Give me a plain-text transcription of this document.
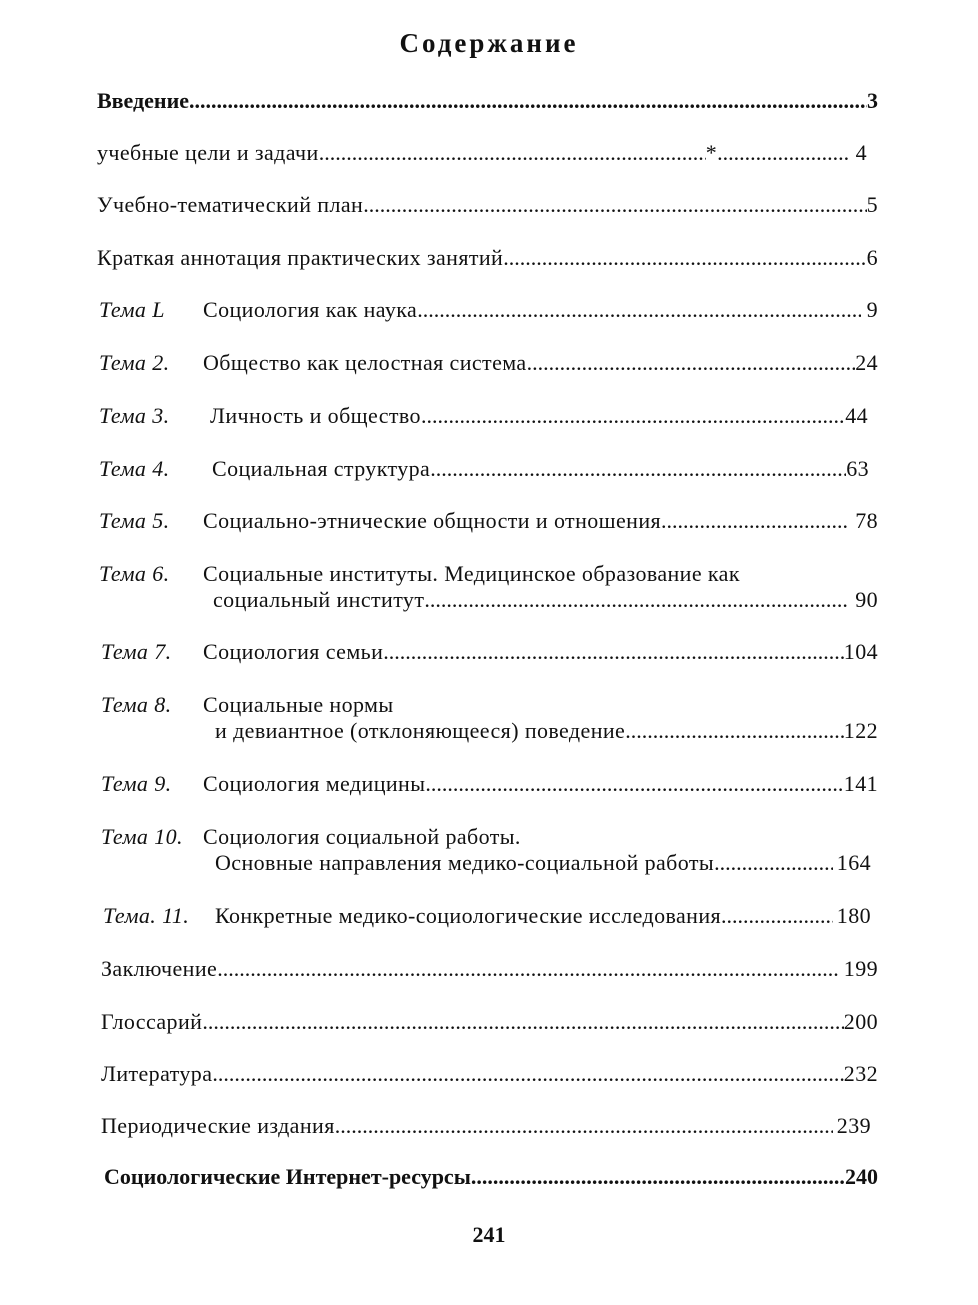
Содержание
Введение .....	3
учебные цели и задачи .....	* .....	4
Учебно-тематический план .....	5
Краткая аннотация практических занятий .....	6
Тема L	Социология как наука .....	9
Тема 2.	Общество как целостная система .....	24
Тема 3.	Личность и общество .....	44
Тема 4.	Социальная структура .....	63
Тема 5.	Социально-этнические общности и отношения .....	78
Тема 6.	Социальные институты. Медицинское образование как
социальный институт .....	90
Тема 7.	Социология семьи .....	104
Тема 8.	Социальные нормы
и девиантное (отклоняющееся) поведение .....	122
Тема 9.	Социология медицины .....	141
Тема 10. Социология социальной работы.
Основные направления медико-социальной работы .....	164
Тема. 11.	Конкретные медико-социологические исследования .....	180
Заключение .....	199
Глоссарий .....	200
Литература .....	232
Периодические издания .....	239
Социологические Интернет-ресурсы .....	240
241
